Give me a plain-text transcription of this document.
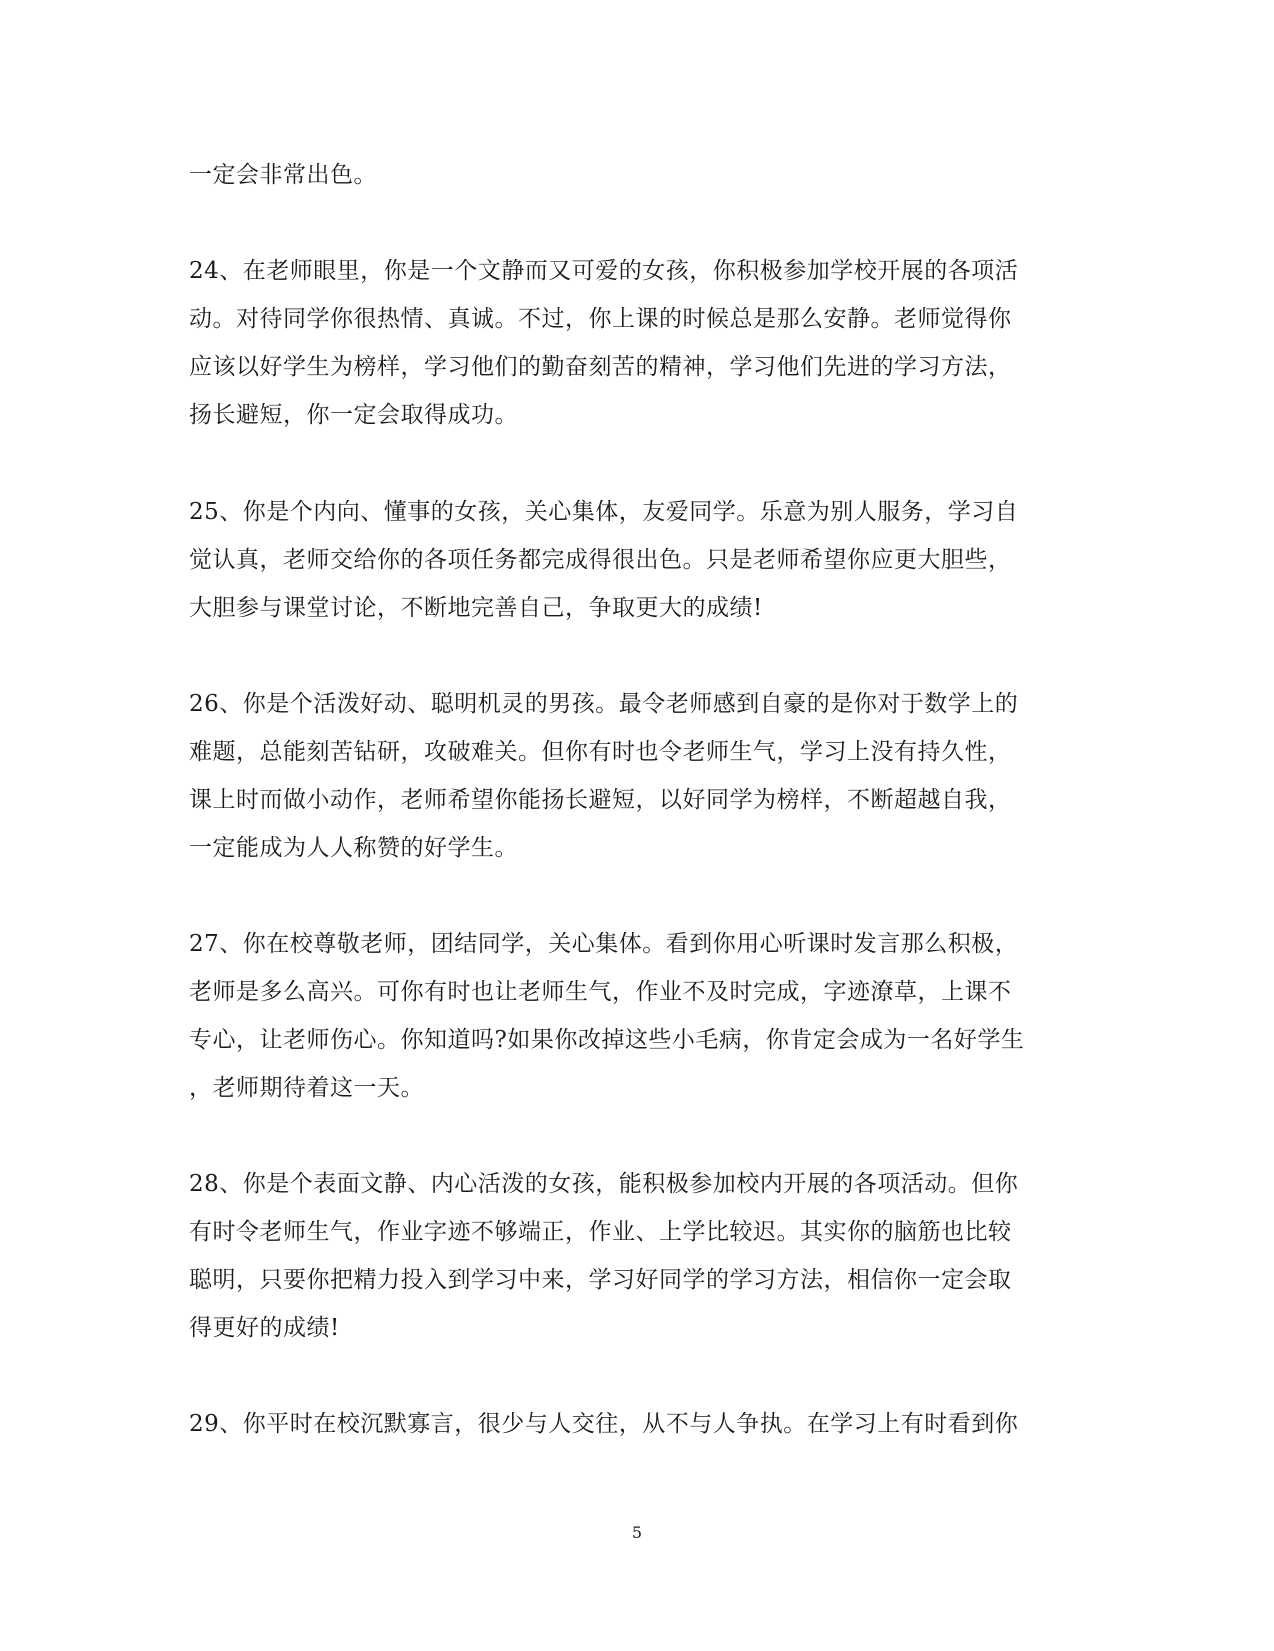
一定会非常出色。
24、在老师眼里，你是一个文静而又可爱的女孩，你积极参加学校开展的各项活
动。对待同学你很热情、真诚。不过，你上课的时候总是那么安静。老师觉得你
应该以好学生为榜样，学习他们的勤奋刻苦的精神，学习他们先进的学习方法，
扬长避短，你一定会取得成功。
25、你是个内向、懂事的女孩，关心集体，友爱同学。乐意为别人服务，学习自
觉认真，老师交给你的各项任务都完成得很出色。只是老师希望你应更大胆些，
大胆参与课堂讨论，不断地完善自己，争取更大的成绩!
26、你是个活泼好动、聪明机灵的男孩。最令老师感到自豪的是你对于数学上的
难题，总能刻苦钻研，攻破难关。但你有时也令老师生气，学习上没有持久性，
课上时而做小动作，老师希望你能扬长避短，以好同学为榜样，不断超越自我，
一定能成为人人称赞的好学生。
27、你在校尊敬老师，团结同学，关心集体。看到你用心听课时发言那么积极，
老师是多么高兴。可你有时也让老师生气，作业不及时完成，字迹潦草，上课不
专心，让老师伤心。你知道吗?如果你改掉这些小毛病，你肯定会成为一名好学生
，老师期待着这一天。
28、你是个表面文静、内心活泼的女孩，能积极参加校内开展的各项活动。但你
有时令老师生气，作业字迹不够端正，作业、上学比较迟。其实你的脑筋也比较
聪明，只要你把精力投入到学习中来，学习好同学的学习方法，相信你一定会取
得更好的成绩!
29、你平时在校沉默寡言，很少与人交往，从不与人争执。在学习上有时看到你
5
